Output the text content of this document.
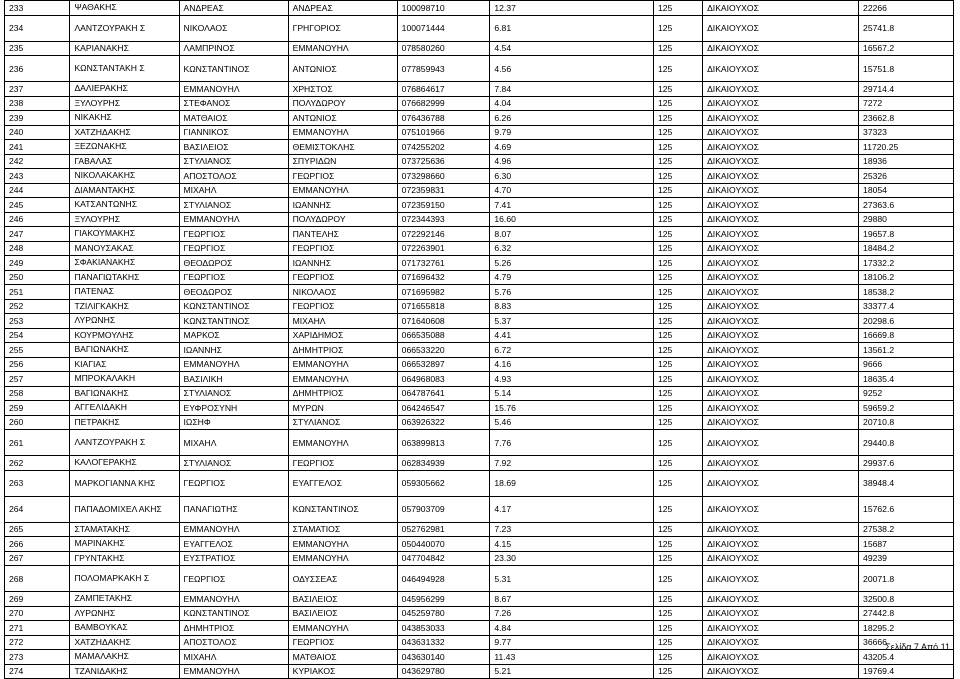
233	ΨΑΘΑΚΗΣ	ΑΝΔΡΕΑΣ	ΑΝΔΡΕΑΣ	100098710	12.37	125	ΔΙΚΑΙΟΥΧΟΣ	22266
234	ΛΑΝΤΖΟΥΡΑΚΗ Σ	ΝΙΚΟΛΑΟΣ	ΓΡΗΓΟΡΙΟΣ	100071444	6.81	125	ΔΙΚΑΙΟΥΧΟΣ	25741.8
235	ΚΑΡΙΑΝΑΚΗΣ	ΛΑΜΠΡΙΝΟΣ	ΕΜΜΑΝΟΥΗΛ	078580260	4.54	125	ΔΙΚΑΙΟΥΧΟΣ	16567.2
236	ΚΩΝΣΤΑΝΤΑΚΗ Σ	ΚΩΝΣΤΑΝΤΙΝΟΣ	ΑΝΤΩΝΙΟΣ	077859943	4.56	125	ΔΙΚΑΙΟΥΧΟΣ	15751.8
237	ΔΑΛΙΕΡΑΚΗΣ	ΕΜΜΑΝΟΥΗΛ	ΧΡΗΣΤΟΣ	076864617	7.84	125	ΔΙΚΑΙΟΥΧΟΣ	29714.4
238	ΞΥΛΟΥΡΗΣ	ΣΤΕΦΑΝΟΣ	ΠΟΛΥΔΩΡΟΥ	076682999	4.04	125	ΔΙΚΑΙΟΥΧΟΣ	7272
239	ΝΙΚΑΚΗΣ	ΜΑΤΘΑΙΟΣ	ΑΝΤΩΝΙΟΣ	076436788	6.26	125	ΔΙΚΑΙΟΥΧΟΣ	23662.8
240	ΧΑΤΖΗΔΑΚΗΣ	ΓΙΑΝΝΙΚΟΣ	ΕΜΜΑΝΟΥΗΛ	075101966	9.79	125	ΔΙΚΑΙΟΥΧΟΣ	37323
241	ΞΕΖΩΝΑΚΗΣ	ΒΑΣΙΛΕΙΟΣ	ΘΕΜΙΣΤΟΚΛΗΣ	074255202	4.69	125	ΔΙΚΑΙΟΥΧΟΣ	11720.25
242	ΓΑΒΑΛΑΣ	ΣΤΥΛΙΑΝΟΣ	ΣΠΥΡΙΔΩΝ	073725636	4.96	125	ΔΙΚΑΙΟΥΧΟΣ	18936
243	ΝΙΚΟΛΑΚΑΚΗΣ	ΑΠΟΣΤΟΛΟΣ	ΓΕΩΡΓΙΟΣ	073298660	6.30	125	ΔΙΚΑΙΟΥΧΟΣ	25326
244	ΔΙΑΜΑΝΤΑΚΗΣ	ΜΙΧΑΗΛ	ΕΜΜΑΝΟΥΗΛ	072359831	4.70	125	ΔΙΚΑΙΟΥΧΟΣ	18054
245	ΚΑΤΣΑΝΤΩΝΗΣ	ΣΤΥΛΙΑΝΟΣ	ΙΩΑΝΝΗΣ	072359150	7.41	125	ΔΙΚΑΙΟΥΧΟΣ	27363.6
246	ΞΥΛΟΥΡΗΣ	ΕΜΜΑΝΟΥΗΛ	ΠΟΛΥΔΩΡΟΥ	072344393	16.60	125	ΔΙΚΑΙΟΥΧΟΣ	29880
247	ΓΙΑΚΟΥΜΑΚΗΣ	ΓΕΩΡΓΙΟΣ	ΠΑΝΤΕΛΗΣ	072292146	8.07	125	ΔΙΚΑΙΟΥΧΟΣ	19657.8
248	ΜΑΝΟΥΣΑΚΑΣ	ΓΕΩΡΓΙΟΣ	ΓΕΩΡΓΙΟΣ	072263901	6.32	125	ΔΙΚΑΙΟΥΧΟΣ	18484.2
249	ΣΦΑΚΙΑΝΑΚΗΣ	ΘΕΟΔΩΡΟΣ	ΙΩΑΝΝΗΣ	071732761	5.26	125	ΔΙΚΑΙΟΥΧΟΣ	17332.2
250	ΠΑΝΑΓΙΩΤΑΚΗΣ	ΓΕΩΡΓΙΟΣ	ΓΕΩΡΓΙΟΣ	071696432	4.79	125	ΔΙΚΑΙΟΥΧΟΣ	18106.2
251	ΠΑΤΕΝΑΣ	ΘΕΟΔΩΡΟΣ	ΝΙΚΟΛΑΟΣ	071695982	5.76	125	ΔΙΚΑΙΟΥΧΟΣ	18538.2
252	ΤΖΙΛΙΓΚΑΚΗΣ	ΚΩΝΣΤΑΝΤΙΝΟΣ	ΓΕΩΡΓΙΟΣ	071655818	8.83	125	ΔΙΚΑΙΟΥΧΟΣ	33377.4
253	ΛΥΡΩΝΗΣ	ΚΩΝΣΤΑΝΤΙΝΟΣ	ΜΙΧΑΗΛ	071640608	5.37	125	ΔΙΚΑΙΟΥΧΟΣ	20298.6
254	ΚΟΥΡΜΟΥΛΗΣ	ΜΑΡΚΟΣ	ΧΑΡΙΔΗΜΟΣ	066535088	4.41	125	ΔΙΚΑΙΟΥΧΟΣ	16669.8
255	ΒΑΓΙΩΝΑΚΗΣ	ΙΩΑΝΝΗΣ	ΔΗΜΗΤΡΙΟΣ	066533220	6.72	125	ΔΙΚΑΙΟΥΧΟΣ	13561.2
256	ΚΙΑΓΙΑΣ	ΕΜΜΑΝΟΥΗΛ	ΕΜΜΑΝΟΥΗΛ	066532897	4.16	125	ΔΙΚΑΙΟΥΧΟΣ	9666
257	ΜΠΡΟΚΑΛΑΚΗ	ΒΑΣΙΛΙΚΗ	ΕΜΜΑΝΟΥΗΛ	064968083	4.93	125	ΔΙΚΑΙΟΥΧΟΣ	18635.4
258	ΒΑΓΙΩΝΑΚΗΣ	ΣΤΥΛΙΑΝΟΣ	ΔΗΜΗΤΡΙΟΣ	064787641	5.14	125	ΔΙΚΑΙΟΥΧΟΣ	9252
259	ΑΓΓΕΛΙΔΑΚΗ	ΕΥΦΡΟΣΥΝΗ	ΜΥΡΩΝ	064246547	15.76	125	ΔΙΚΑΙΟΥΧΟΣ	59659.2
260	ΠΕΤΡΑΚΗΣ	ΙΩΣΗΦ	ΣΤΥΛΙΑΝΟΣ	063926322	5.46	125	ΔΙΚΑΙΟΥΧΟΣ	20710.8
261	ΛΑΝΤΖΟΥΡΑΚΗ Σ	ΜΙΧΑΗΛ	ΕΜΜΑΝΟΥΗΛ	063899813	7.76	125	ΔΙΚΑΙΟΥΧΟΣ	29440.8
262	ΚΑΛΟΓΕΡΑΚΗΣ	ΣΤΥΛΙΑΝΟΣ	ΓΕΩΡΓΙΟΣ	062834939	7.92	125	ΔΙΚΑΙΟΥΧΟΣ	29937.6
263	ΜΑΡΚΟΓΙΑΝΝΑ ΚΗΣ	ΓΕΩΡΓΙΟΣ	ΕΥΑΓΓΕΛΟΣ	059305662	18.69	125	ΔΙΚΑΙΟΥΧΟΣ	38948.4
264	ΠΑΠΑΔΟΜΙΧΕΛ ΑΚΗΣ	ΠΑΝΑΓΙΩΤΗΣ	ΚΩΝΣΤΑΝΤΙΝΟΣ	057903709	4.17	125	ΔΙΚΑΙΟΥΧΟΣ	15762.6
265	ΣΤΑΜΑΤΑΚΗΣ	ΕΜΜΑΝΟΥΗΛ	ΣΤΑΜΑΤΙΟΣ	052762981	7.23	125	ΔΙΚΑΙΟΥΧΟΣ	27538.2
266	ΜΑΡΙΝΑΚΗΣ	ΕΥΑΓΓΕΛΟΣ	ΕΜΜΑΝΟΥΗΛ	050440070	4.15	125	ΔΙΚΑΙΟΥΧΟΣ	15687
267	ΓΡΥΝΤΑΚΗΣ	ΕΥΣΤΡΑΤΙΟΣ	ΕΜΜΑΝΟΥΗΛ	047704842	23.30	125	ΔΙΚΑΙΟΥΧΟΣ	49239
268	ΠΟΛΟΜΑΡΚΑΚΗ Σ	ΓΕΩΡΓΙΟΣ	ΟΔΥΣΣΕΑΣ	046494928	5.31	125	ΔΙΚΑΙΟΥΧΟΣ	20071.8
269	ΖΑΜΠΕΤΑΚΗΣ	ΕΜΜΑΝΟΥΗΛ	ΒΑΣΙΛΕΙΟΣ	045956299	8.67	125	ΔΙΚΑΙΟΥΧΟΣ	32500.8
270	ΛΥΡΩΝΗΣ	ΚΩΝΣΤΑΝΤΙΝΟΣ	ΒΑΣΙΛΕΙΟΣ	045259780	7.26	125	ΔΙΚΑΙΟΥΧΟΣ	27442.8
271	ΒΑΜΒΟΥΚΑΣ	ΔΗΜΗΤΡΙΟΣ	ΕΜΜΑΝΟΥΗΛ	043853033	4.84	125	ΔΙΚΑΙΟΥΧΟΣ	18295.2
272	ΧΑΤΖΗΔΑΚΗΣ	ΑΠΟΣΤΟΛΟΣ	ΓΕΩΡΓΙΟΣ	043631332	9.77	125	ΔΙΚΑΙΟΥΧΟΣ	36666
273	ΜΑΜΑΛΑΚΗΣ	ΜΙΧΑΗΛ	ΜΑΤΘΑΙΟΣ	043630140	11.43	125	ΔΙΚΑΙΟΥΧΟΣ	43205.4
274	ΤΖΑΝΙΔΑΚΗΣ	ΕΜΜΑΝΟΥΗΛ	ΚΥΡΙΑΚΟΣ	043629780	5.21	125	ΔΙΚΑΙΟΥΧΟΣ	19769.4
Σελίδα 7 Από 11
